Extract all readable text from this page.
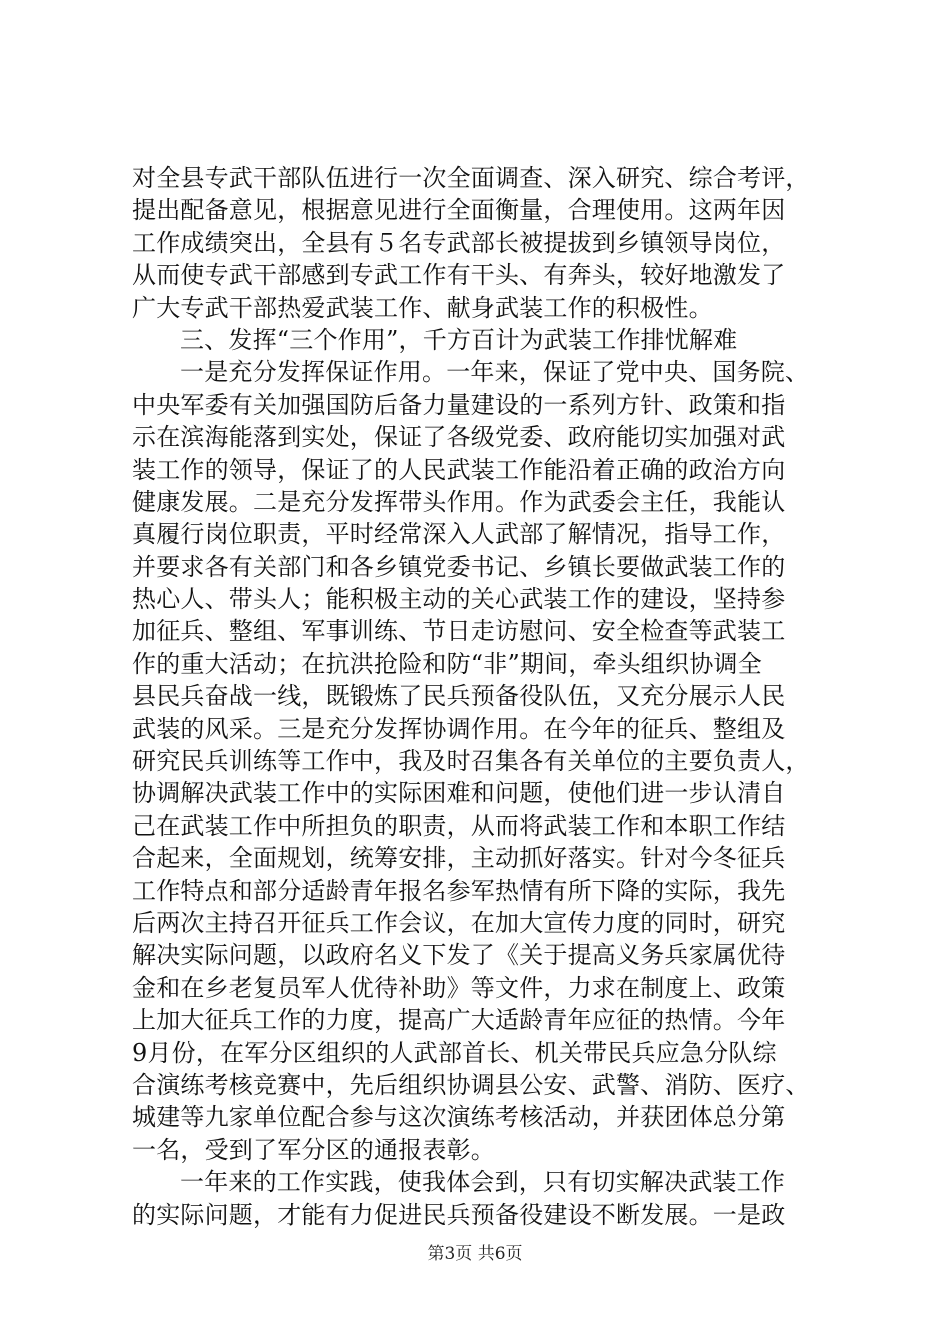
对全县专武干部队伍进行一次全面调查、深入研究、综合考评，
提出配备意见，根据意见进行全面衡量，合理使用。这两年因
工作成绩突出，全县有５名专武部长被提拔到乡镇领导岗位，
从而使专武干部感到专武工作有干头、有奔头，较好地激发了
广大专武干部热爱武装工作、献身武装工作的积极性。
三、发挥“三个作用”，千方百计为武装工作排忧解难
一是充分发挥保证作用。一年来，保证了党中央、国务院、
中央军委有关加强国防后备力量建设的一系列方针、政策和指
示在滨海能落到实处，保证了各级党委、政府能切实加强对武
装工作的领导，保证了的人民武装工作能沿着正确的政治方向
健康发展。二是充分发挥带头作用。作为武委会主任，我能认
真履行岗位职责，平时经常深入人武部了解情况，指导工作，
并要求各有关部门和各乡镇党委书记、乡镇长要做武装工作的
热心人、带头人；能积极主动的关心武装工作的建设，坚持参
加征兵、整组、军事训练、节日走访慰问、安全检查等武装工
作的重大活动；在抗洪抢险和防“非”期间，牵头组织协调全
县民兵奋战一线，既锻炼了民兵预备役队伍，又充分展示人民
武装的风采。三是充分发挥协调作用。在今年的征兵、整组及
研究民兵训练等工作中，我及时召集各有关单位的主要负责人，
协调解决武装工作中的实际困难和问题，使他们进一步认清自
己在武装工作中所担负的职责，从而将武装工作和本职工作结
合起来，全面规划，统筹安排，主动抓好落实。针对今冬征兵
工作特点和部分适龄青年报名参军热情有所下降的实际，我先
后两次主持召开征兵工作会议，在加大宣传力度的同时，研究
解决实际问题，以政府名义下发了《关于提高义务兵家属优待
金和在乡老复员军人优待补助》等文件，力求在制度上、政策
上加大征兵工作的力度，提高广大适龄青年应征的热情。今年
9月份，在军分区组织的人武部首长、机关带民兵应急分队综
合演练考核竞赛中，先后组织协调县公安、武警、消防、医疗、
城建等九家单位配合参与这次演练考核活动，并获团体总分第
一名，受到了军分区的通报表彰。
一年来的工作实践，使我体会到，只有切实解决武装工作
的实际问题，才能有力促进民兵预备役建设不断发展。一是政
第3页 共6页
